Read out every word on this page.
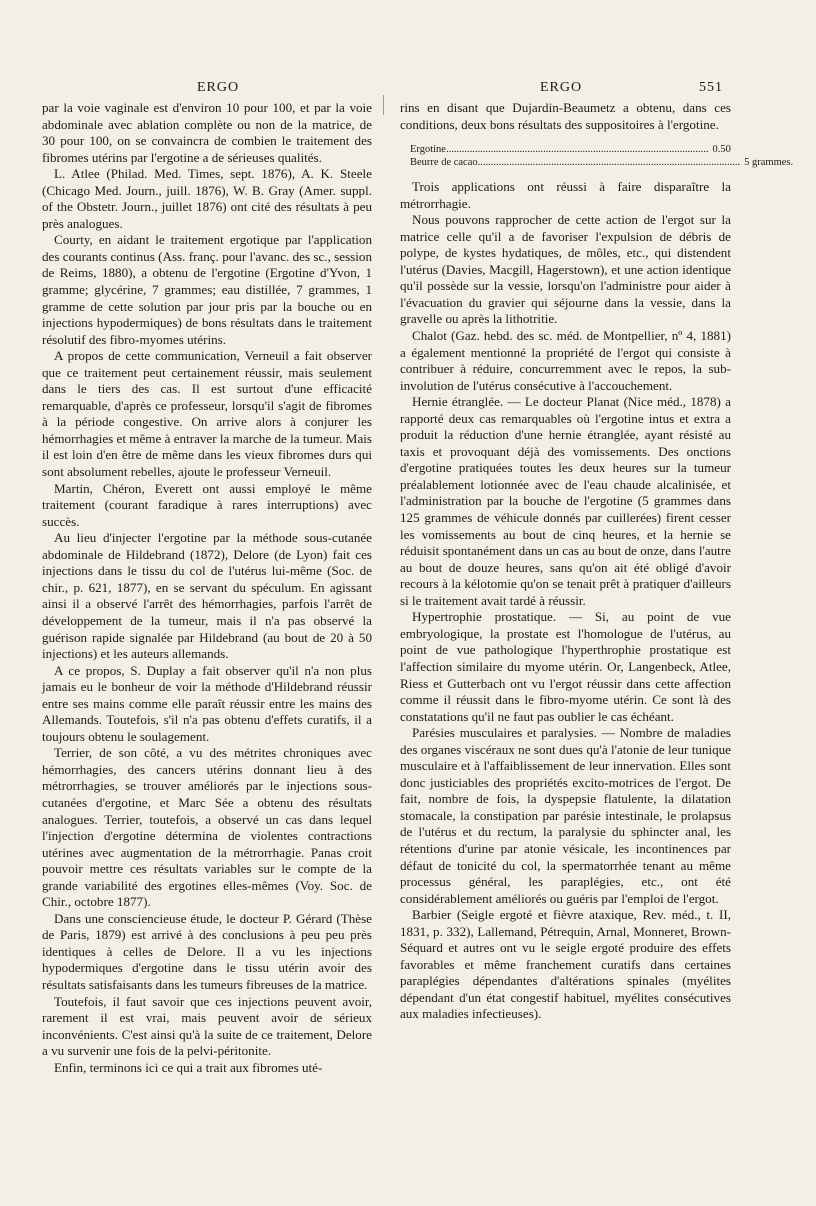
ERGO	ERGO	551

par la voie vaginale est d'environ 10 pour 100, et par la voie abdominale avec ablation complète ou non de la matrice, de 30 pour 100, on se convaincra de combien le traitement des fibromes utérins par l'ergotine a de sérieuses qualités.

L. Atlee (Philad. Med. Times, sept. 1876), A. K. Steele (Chicago Med. Journ., juill. 1876), W. B. Gray (Amer. suppl. of the Obstetr. Journ., juillet 1876) ont cité des résultats à peu près analogues.

Courty, en aidant le traitement ergotique par l'application des courants continus (Ass. franç. pour l'avanc. des sc., session de Reims, 1880), a obtenu de l'ergotine (Ergotine d'Yvon, 1 gramme; glycérine, 7 grammes; eau distillée, 7 grammes, 1 gramme de cette solution par jour pris par la bouche ou en injections hypodermiques) de bons résultats dans le traitement résolutif des fibro-myomes utérins.

A propos de cette communication, Verneuil a fait observer que ce traitement peut certainement réussir, mais seulement dans le tiers des cas. Il est surtout d'une efficacité remarquable, d'après ce professeur, lorsqu'il s'agit de fibromes à la période congestive. On arrive alors à conjurer les hémorrhagies et même à entraver la marche de la tumeur. Mais il est loin d'en être de même dans les vieux fibromes durs qui sont absolument rebelles, ajoute le professeur Verneuil.

Martin, Chéron, Everett ont aussi employé le même traitement (courant faradique à rares interruptions) avec succès.

Au lieu d'injecter l'ergotine par la méthode sous-cutanée abdominale de Hildebrand (1872), Delore (de Lyon) fait ces injections dans le tissu du col de l'utérus lui-même (Soc. de chir., p. 621, 1877), en se servant du spéculum. En agissant ainsi il a observé l'arrêt des hémorrhagies, parfois l'arrêt de développement de la tumeur, mais il n'a pas observé la guérison rapide signalée par Hildebrand (au bout de 20 à 50 injections) et les auteurs allemands.

A ce propos, S. Duplay a fait observer qu'il n'a non plus jamais eu le bonheur de voir la méthode d'Hildebrand réussir entre ses mains comme elle paraît réussir entre les mains des Allemands. Toutefois, s'il n'a pas obtenu d'effets curatifs, il a toujours obtenu le soulagement.

Terrier, de son côté, a vu des métrites chroniques avec hémorrhagies, des cancers utérins donnant lieu à des métrorrhagies, se trouver améliorés par le injections sous-cutanées d'ergotine, et Marc Sée a obtenu des résultats analogues. Terrier, toutefois, a observé un cas dans lequel l'injection d'ergotine détermina de violentes contractions utérines avec augmentation de la métrorrhagie. Panas croit pouvoir mettre ces résultats variables sur le compte de la grande variabilité des ergotines elles-mêmes (Voy. Soc. de Chir., octobre 1877).

Dans une consciencieuse étude, le docteur P. Gérard (Thèse de Paris, 1879) est arrivé à des conclusions à peu peu près identiques à celles de Delore. Il a vu les injections hypodermiques d'ergotine dans le tissu utérin avoir des résultats satisfaisants dans les tumeurs fibreuses de la matrice.

Toutefois, il faut savoir que ces injections peuvent avoir, rarement il est vrai, mais peuvent avoir de sérieux inconvénients. C'est ainsi qu'à la suite de ce traitement, Delore a vu survenir une fois de la pelvi-péritonite.

Enfin, terminons ici ce qui a trait aux fibromes uté-

rins en disant que Dujardin-Beaumetz a obtenu, dans ces conditions, deux bons résultats des suppositoires à l'ergotine.

Ergotine .................................................................................................... 0.50
Beurre de cacao .................................................................................................... 5 grammes.

Trois applications ont réussi à faire disparaître la métrorrhagie.

Nous pouvons rapprocher de cette action de l'ergot sur la matrice celle qu'il a de favoriser l'expulsion de débris de polype, de kystes hydatiques, de môles, etc., qui distendent l'utérus (Davies, Macgill, Hagerstown), et une action identique qu'il possède sur la vessie, lorsqu'on l'administre pour aider à l'évacuation du gravier qui séjourne dans la vessie, dans la gravelle ou après la lithotritie.

Chalot (Gaz. hebd. des sc. méd. de Montpellier, nº 4, 1881) a également mentionné la propriété de l'ergot qui consiste à contribuer à réduire, concurremment avec le repos, la sub-involution de l'utérus consécutive à l'accouchement.

Hernie étranglée. — Le docteur Planat (Nice méd., 1878) a rapporté deux cas remarquables où l'ergotine intus et extra a produit la réduction d'une hernie étranglée, ayant résisté au taxis et provoquant déjà des vomissements. Des onctions d'ergotine pratiquées toutes les deux heures sur la tumeur préalablement lotionnée avec de l'eau chaude alcalinisée, et l'administration par la bouche de l'ergotine (5 grammes dans 125 grammes de véhicule donnés par cuillerées) firent cesser les vomissements au bout de cinq heures, et la hernie se réduisit spontanément dans un cas au bout de onze, dans l'autre au bout de douze heures, sans qu'on ait été obligé d'avoir recours à la kélotomie qu'on se tenait prêt à pratiquer d'ailleurs si le traitement avait tardé à réussir.

Hypertrophie prostatique. — Si, au point de vue embryologique, la prostate est l'homologue de l'utérus, au point de vue pathologique l'hyperthrophie prostatique est l'affection similaire du myome utérin. Or, Langenbeck, Atlee, Riess et Gutterbach ont vu l'ergot réussir dans cette affection comme il réussit dans le fibro-myome utérin. Ce sont là des constatations qu'il ne faut pas oublier le cas échéant.

Parésies musculaires et paralysies. — Nombre de maladies des organes viscéraux ne sont dues qu'à l'atonie de leur tunique musculaire et à l'affaiblissement de leur innervation. Elles sont donc justiciables des propriétés excito-motrices de l'ergot. De fait, nombre de fois, la dyspepsie flatulente, la dilatation stomacale, la constipation par parésie intestinale, le prolapsus de l'utérus et du rectum, la paralysie du sphincter anal, les rétentions d'urine par atonie vésicale, les incontinences par défaut de tonicité du col, la spermatorrhée tenant au même processus général, les paraplégies, etc., ont été considérablement améliorés ou guéris par l'emploi de l'ergot.

Barbier (Seigle ergoté et fièvre ataxique, Rev. méd., t. II, 1831, p. 332), Lallemand, Pétrequin, Arnal, Monneret, Brown-Séquard et autres ont vu le seigle ergoté produire des effets favorables et même franchement curatifs dans certaines paraplégies dépendantes d'altérations spinales (myélites dépendant d'un état congestif habituel, myélites consécutives aux maladies infectieuses).
